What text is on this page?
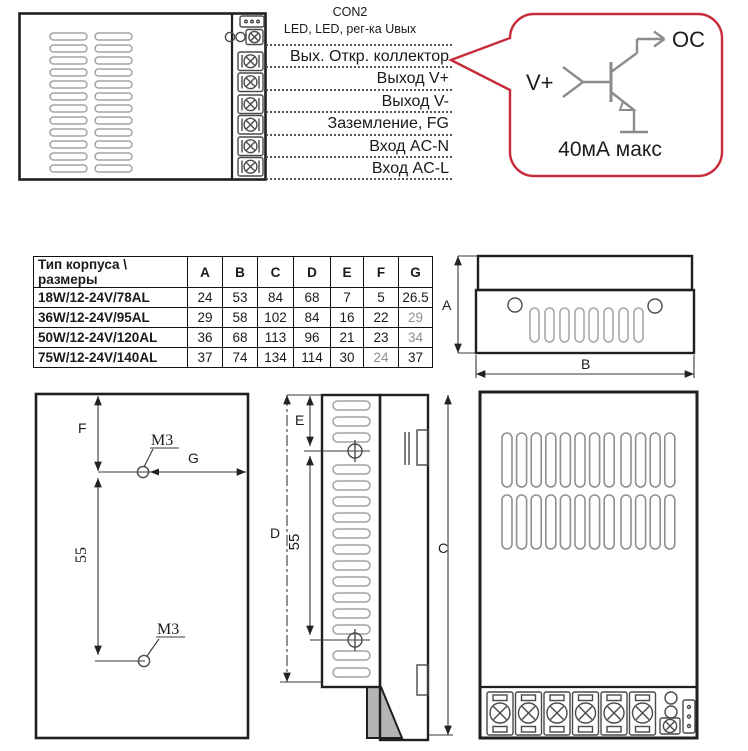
CON2
LED, LED, рег-ка Uвых
Вых. Откр. коллектор
Выход V+
Выход V-
Заземление, FG
Вход AC-N
Вход AC-L
V+
OC
40мА макс
Тип корпуса \ размеры	A	B	C	D	E	F	G
18W/12-24V/78AL	24	53	84	68	7	5	26.5
36W/12-24V/95AL	29	58	102	84	16	22	29
50W/12-24V/120AL	36	68	113	96	21	23	34
75W/12-24V/140AL	37	74	134	114	30	24	37
A
B
F
G
55
M3
M3
D
E
55	C
